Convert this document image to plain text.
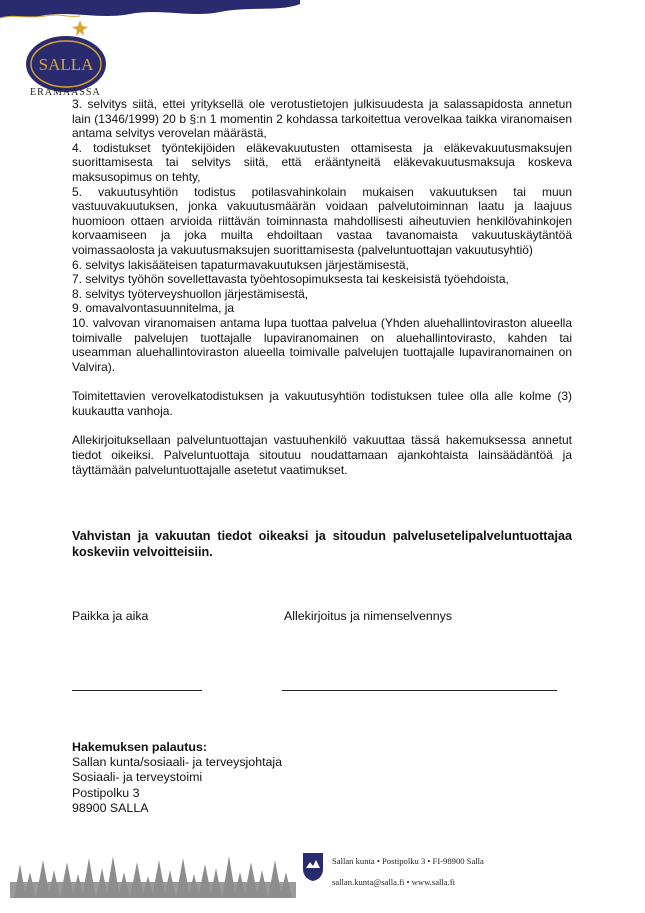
SALLA
ERÄMAASSA

3. selvitys siitä, ettei yrityksellä ole verotustietojen julkisuudesta ja salassapidosta annetun lain (1346/1999) 20 b §:n 1 momentin 2 kohdassa tarkoitettua verovelkaa taikka viranomaisen antama selvitys verovelan määrästä,

4. todistukset työntekijöiden eläkevakuutusten ottamisesta ja eläkevakuutusmaksujen suorittamisesta tai selvitys siitä, että erääntyneitä eläkevakuutusmaksuja koskeva maksusopimus on tehty,

5. vakuutusyhtiön todistus potilasvahinkolain mukaisen vakuutuksen tai muun vastuuvakuutuksen, jonka vakuutusmäärän voidaan palvelutoiminnan laatu ja laajuus huomioon ottaen arvioida riittävän toiminnasta mahdollisesti aiheutuvien henkilövahinkojen korvaamiseen ja joka muilta ehdoiltaan vastaa tavanomaista vakuutuskäytäntöä voimassaolosta ja vakuutusmaksujen suorittamisesta (palveluntuottajan vakuutusyhtiö)

6. selvitys lakisääteisen tapaturmavakuutuksen järjestämisestä,

7. selvitys työhön sovellettavasta työehtosopimuksesta tai keskeisistä työehdoista,

8. selvitys työterveyshuollon järjestämisestä,

9. omavalvontasuunnitelma, ja

10. valvovan viranomaisen antama lupa tuottaa palvelua (Yhden aluehallintoviraston alueella toimivalle palvelujen tuottajalle lupaviranomainen on aluehallintovirasto, kahden tai useamman aluehallintoviraston alueella toimivalle palvelujen tuottajalle lupaviranomainen on Valvira).

Toimitettavien verovelkatodistuksen ja vakuutusyhtiön todistuksen tulee olla alle kolme (3) kuukautta vanhoja.

Allekirjoituksellaan palveluntuottajan vastuuhenkilö vakuuttaa tässä hakemuksessa annetut tiedot oikeiksi. Palveluntuottaja sitoutuu noudattamaan ajankohtaista lainsäädäntöä ja täyttämään palveluntuottajalle asetetut vaatimukset.

Vahvistan ja vakuutan tiedot oikeaksi ja sitoudun palvelusetelipalveluntuottajaa koskeviin velvoitteisiin.
Paikka ja aika	Allekirjoitus ja nimenselvennys
Hakemuksen palautus:
Sallan kunta/sosiaali- ja terveysjohtaja
Sosiaali- ja terveystoimi
Postipolku 3
98900 SALLA
Sallan kunta • Postipolku 3 • FI-98900 Salla
sallan.kunta@salla.fi • www.salla.fi
